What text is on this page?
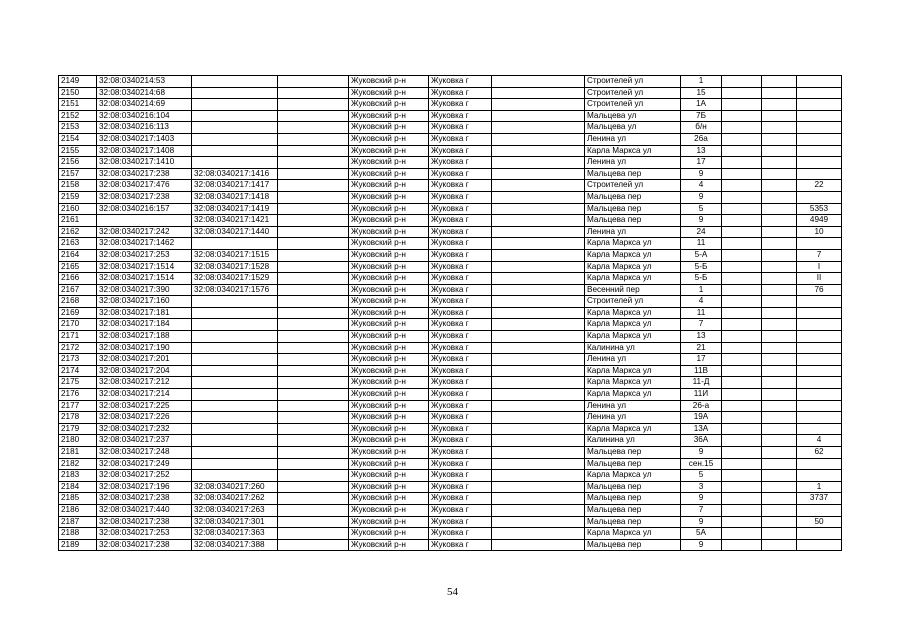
2149	32:08:0340214:53			Жуковский р-н	Жуковка г		Строителей ул	1			
2150	32:08:0340214:68			Жуковский р-н	Жуковка г		Строителей ул	15			
2151	32:08:0340214:69			Жуковский р-н	Жуковка г		Строителей ул	1А			
2152	32:08:0340216:104			Жуковский р-н	Жуковка г		Мальцева ул	7Б			
2153	32:08:0340216:113			Жуковский р-н	Жуковка г		Мальцева ул	б/н			
2154	32:08:0340217:1403			Жуковский р-н	Жуковка г		Ленина ул	26а			
2155	32:08:0340217:1408			Жуковский р-н	Жуковка г		Карла Маркса ул	13			
2156	32:08:0340217:1410			Жуковский р-н	Жуковка г		Ленина ул	17			
2157	32:08:0340217:238	32:08:0340217:1416		Жуковский р-н	Жуковка г		Мальцева пер	9			
2158	32:08:0340217:476	32:08:0340217:1417		Жуковский р-н	Жуковка г		Строителей ул	4			22
2159	32:08:0340217:238	32:08:0340217:1418		Жуковский р-н	Жуковка г		Мальцева пер	9			
2160	32:08:0340216:157	32:08:0340217:1419		Жуковский р-н	Жуковка г		Мальцева пер	5			5353
2161		32:08:0340217:1421		Жуковский р-н	Жуковка г		Мальцева пер	9			4949
2162	32:08:0340217:242	32:08:0340217:1440		Жуковский р-н	Жуковка г		Ленина ул	24			10
2163	32:08:0340217:1462			Жуковский р-н	Жуковка г		Карла Маркса ул	11			
2164	32:08:0340217:253	32:08:0340217:1515		Жуковский р-н	Жуковка г		Карла Маркса ул	5-А			7
2165	32:08:0340217:1514	32:08:0340217:1528		Жуковский р-н	Жуковка г		Карла Маркса ул	5-Б			I
2166	32:08:0340217:1514	32:08:0340217:1529		Жуковский р-н	Жуковка г		Карла Маркса ул	5-Б			II
2167	32:08:0340217:390	32:08:0340217:1576		Жуковский р-н	Жуковка г		Весенний пер	1			76
2168	32:08:0340217:160			Жуковский р-н	Жуковка г		Строителей ул	4			
2169	32:08:0340217:181			Жуковский р-н	Жуковка г		Карла Маркса ул	11			
2170	32:08:0340217:184			Жуковский р-н	Жуковка г		Карла Маркса ул	7			
2171	32:08:0340217:188			Жуковский р-н	Жуковка г		Карла Маркса ул	13			
2172	32:08:0340217:190			Жуковский р-н	Жуковка г		Калинина ул	21			
2173	32:08:0340217:201			Жуковский р-н	Жуковка г		Ленина ул	17			
2174	32:08:0340217:204			Жуковский р-н	Жуковка г		Карла Маркса ул	11В			
2175	32:08:0340217:212			Жуковский р-н	Жуковка г		Карла Маркса ул	11-Д			
2176	32:08:0340217:214			Жуковский р-н	Жуковка г		Карла Маркса ул	11И			
2177	32:08:0340217:225			Жуковский р-н	Жуковка г		Ленина ул	26-а			
2178	32:08:0340217:226			Жуковский р-н	Жуковка г		Ленина ул	19А			
2179	32:08:0340217:232			Жуковский р-н	Жуковка г		Карла Маркса ул	13А			
2180	32:08:0340217:237			Жуковский р-н	Жуковка г		Калинина ул	36А			4
2181	32:08:0340217:248			Жуковский р-н	Жуковка г		Мальцева пер	9			62
2182	32:08:0340217:249			Жуковский р-н	Жуковка г		Мальцева пер	сен.15			
2183	32:08:0340217:252			Жуковский р-н	Жуковка г		Карла Маркса ул	5			
2184	32:08:0340217:196	32:08:0340217:260		Жуковский р-н	Жуковка г		Мальцева пер	3			1
2185	32:08:0340217:238	32:08:0340217:262		Жуковский р-н	Жуковка г		Мальцева пер	9			3737
2186	32:08:0340217:440	32:08:0340217:263		Жуковский р-н	Жуковка г		Мальцева пер	7			
2187	32:08:0340217:238	32:08:0340217:301		Жуковский р-н	Жуковка г		Мальцева пер	9			50
2188	32:08:0340217:253	32:08:0340217:363		Жуковский р-н	Жуковка г		Карла Маркса ул	5А			
2189	32:08:0340217:238	32:08:0340217:388		Жуковский р-н	Жуковка г		Мальцева пер	9			
54
